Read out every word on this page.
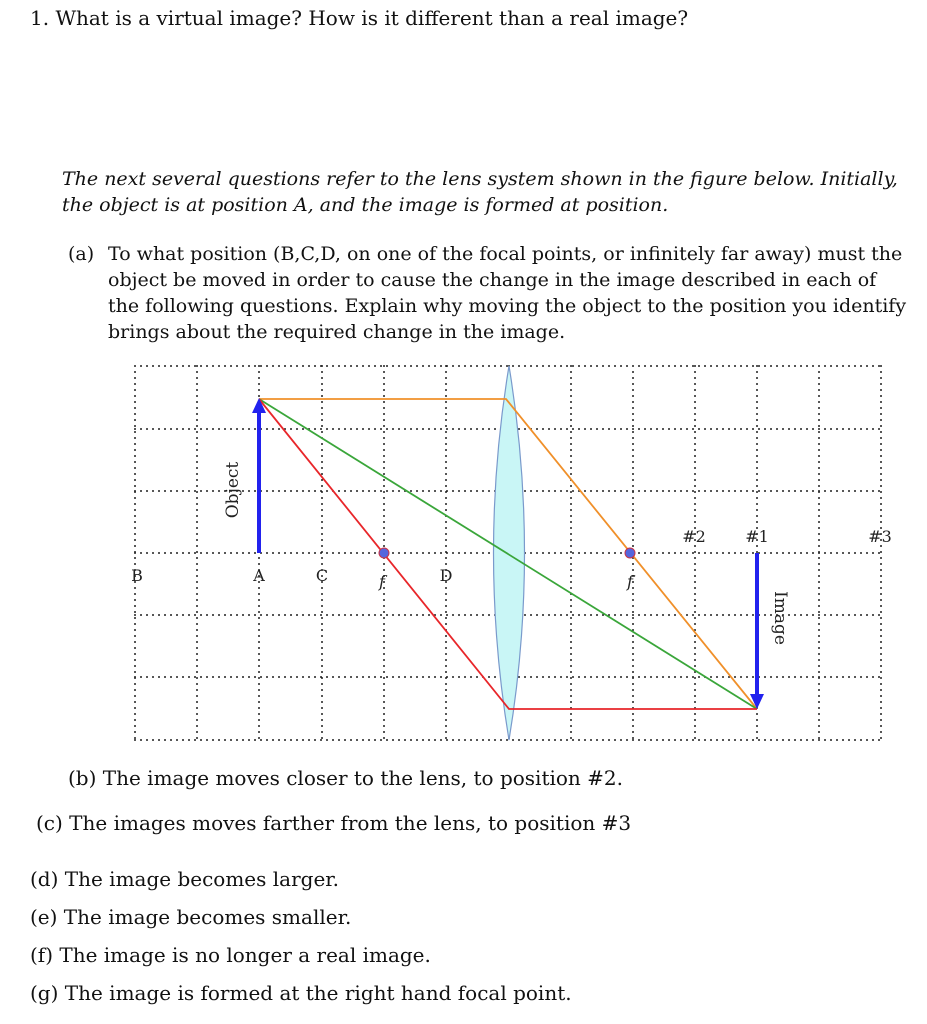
1. What is a virtual image? How is it different than a real image?
The next several questions refer to the lens system shown in the figure below. Initially, the object is at position A, and the image is formed at position.
(a) To what position (B,C,D, on one of the focal points, or infinitely far away) must the object be moved in order to cause the change in the image described in each of the following questions. Explain why moving the object to the position you identify brings about the required change in the image.
B	A	C	f	D	f
#2 #1	#3
Object
Image
(b) The image moves closer to the lens, to position #2.
(c) The images moves farther from the lens, to position #3
(d) The image becomes larger.
(e) The image becomes smaller.
(f) The image is no longer a real image.
(g) The image is formed at the right hand focal point.
